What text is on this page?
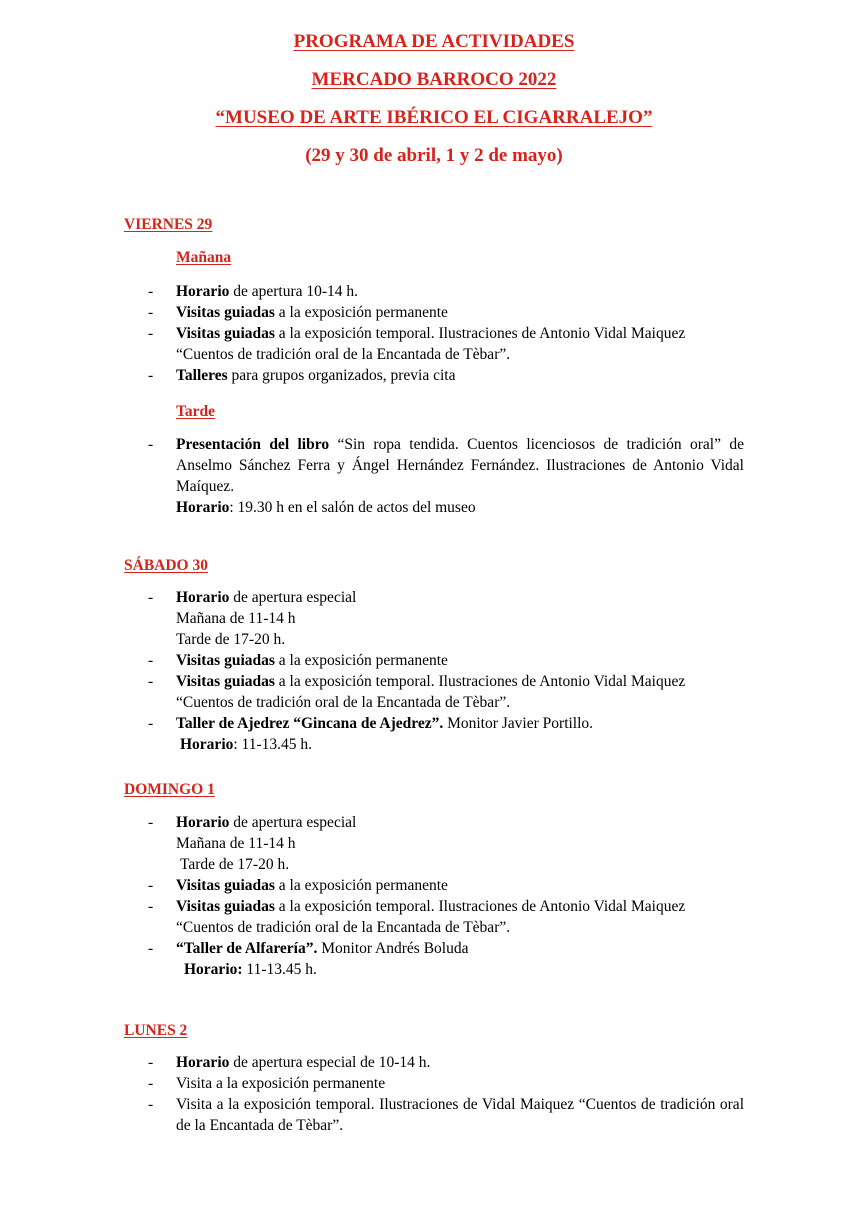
PROGRAMA DE ACTIVIDADES

MERCADO BARROCO 2022

“MUSEO DE ARTE IBÉRICO EL CIGARRALEJO”

(29 y 30 de abril, 1 y 2 de mayo)

VIERNES 29
Mañana
- Horario de apertura 10-14 h.
- Visitas guiadas a la exposición permanente
- Visitas guiadas a la exposición temporal. Ilustraciones de Antonio Vidal Maiquez
“Cuentos de tradición oral de la Encantada de Tèbar”.
- Talleres para grupos organizados, previa cita
Tarde
- Presentación del libro “Sin ropa tendida. Cuentos licenciosos de tradición oral” de Anselmo Sánchez Ferra y Ángel Hernández Fernández. Ilustraciones de Antonio Vidal Maíquez.
Horario: 19.30 h en el salón de actos del museo
SÁBADO 30
- Horario de apertura especial
Mañana de 11-14 h
Tarde de 17-20 h.
- Visitas guiadas a la exposición permanente
- Visitas guiadas a la exposición temporal. Ilustraciones de Antonio Vidal Maiquez
“Cuentos de tradición oral de la Encantada de Tèbar”.
- Taller de Ajedrez “Gincana de Ajedrez”. Monitor Javier Portillo.
Horario: 11-13.45 h.
DOMINGO 1
- Horario de apertura especial
Mañana de 11-14 h
Tarde de 17-20 h.
- Visitas guiadas a la exposición permanente
- Visitas guiadas a la exposición temporal. Ilustraciones de Antonio Vidal Maiquez
“Cuentos de tradición oral de la Encantada de Tèbar”.
- “Taller de Alfarería”. Monitor Andrés Boluda
Horario: 11-13.45 h.
LUNES 2
- Horario de apertura especial de 10-14 h.
- Visita a la exposición permanente
- Visita a la exposición temporal. Ilustraciones de Vidal Maiquez “Cuentos de tradición oral de la Encantada de Tèbar”.
